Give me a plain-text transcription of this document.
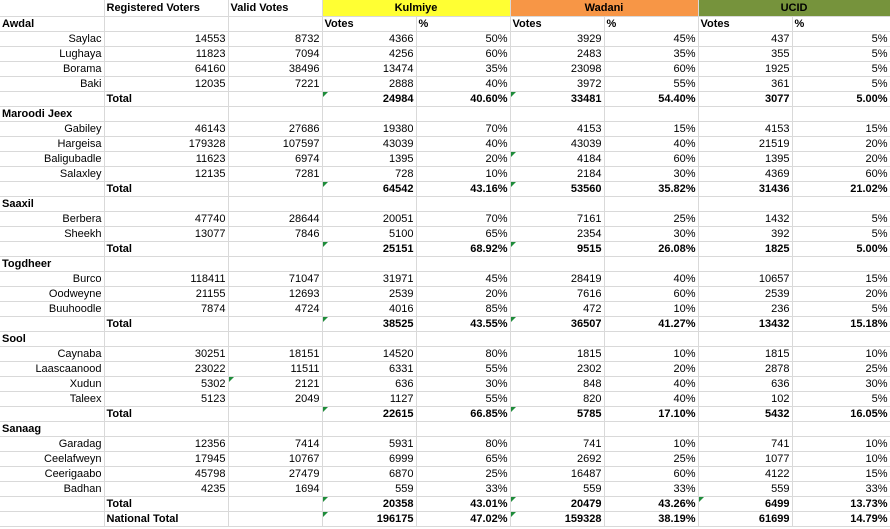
	Registered Voters	Valid Votes	Kulmiye		Wadani		UCID	
Awdal			Votes	%	Votes	%	Votes	%
Saylac	14553	8732	4366	50%	3929	45%	437	5%
Lughaya	11823	7094	4256	60%	2483	35%	355	5%
Borama	64160	38496	13474	35%	23098	60%	1925	5%
Baki	12035	7221	2888	40%	3972	55%	361	5%
	Total		24984	40.60%	33481	54.40%	3077	5.00%
Maroodi Jeex								
Gabiley	46143	27686	19380	70%	4153	15%	4153	15%
Hargeisa	179328	107597	43039	40%	43039	40%	21519	20%
Baligubadle	11623	6974	1395	20%	4184	60%	1395	20%
Salaxley	12135	7281	728	10%	2184	30%	4369	60%
	Total		64542	43.16%	53560	35.82%	31436	21.02%
Saaxil								
Berbera	47740	28644	20051	70%	7161	25%	1432	5%
Sheekh	13077	7846	5100	65%	2354	30%	392	5%
	Total		25151	68.92%	9515	26.08%	1825	5.00%
Togdheer								
Burco	118411	71047	31971	45%	28419	40%	10657	15%
Oodweyne	21155	12693	2539	20%	7616	60%	2539	20%
Buuhoodle	7874	4724	4016	85%	472	10%	236	5%
	Total		38525	43.55%	36507	41.27%	13432	15.18%
Sool								
Caynaba	30251	18151	14520	80%	1815	10%	1815	10%
Laascaanood	23022	11511	6331	55%	2302	20%	2878	25%
Xudun	5302	2121	636	30%	848	40%	636	30%
Taleex	5123	2049	1127	55%	820	40%	102	5%
	Total		22615	66.85%	5785	17.10%	5432	16.05%
Sanaag								
Garadag	12356	7414	5931	80%	741	10%	741	10%
Ceelafweyn	17945	10767	6999	65%	2692	25%	1077	10%
Ceerigaabo	45798	27479	6870	25%	16487	60%	4122	15%
Badhan	4235	1694	559	33%	559	33%	559	33%
	Total		20358	43.01%	20479	43.26%	6499	13.73%
	National Total		196175	47.02%	159328	38.19%	61699	14.79%
